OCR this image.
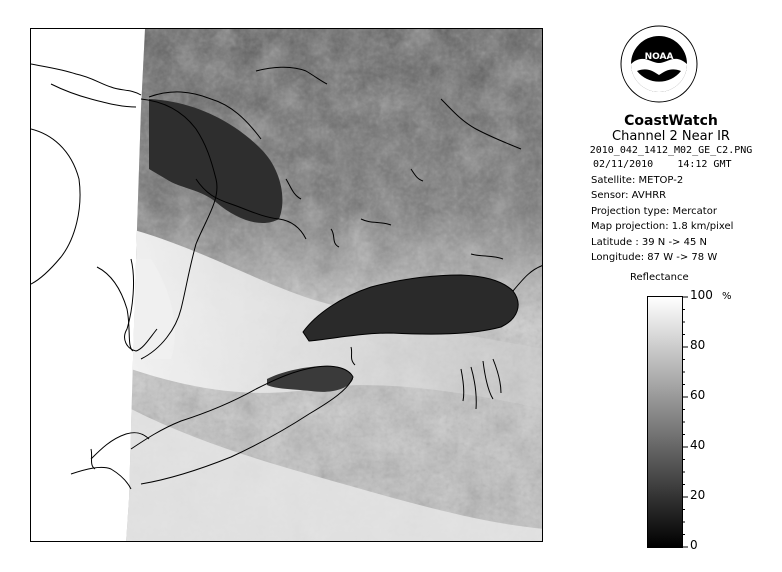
NOAA
CoastWatch
Channel 2 Near IR
2010_042_1412_M02_GE_C2.PNG
02/11/2010 14:12 GMT
Satellite: METOP-2
Sensor: AVHRR
Projection type: Mercator
Map projection: 1.8 km/pixel
Latitude : 39 N -> 45 N
Longitude: 87 W -> 78 W
Reflectance
%
100
80
60
40
20
0
